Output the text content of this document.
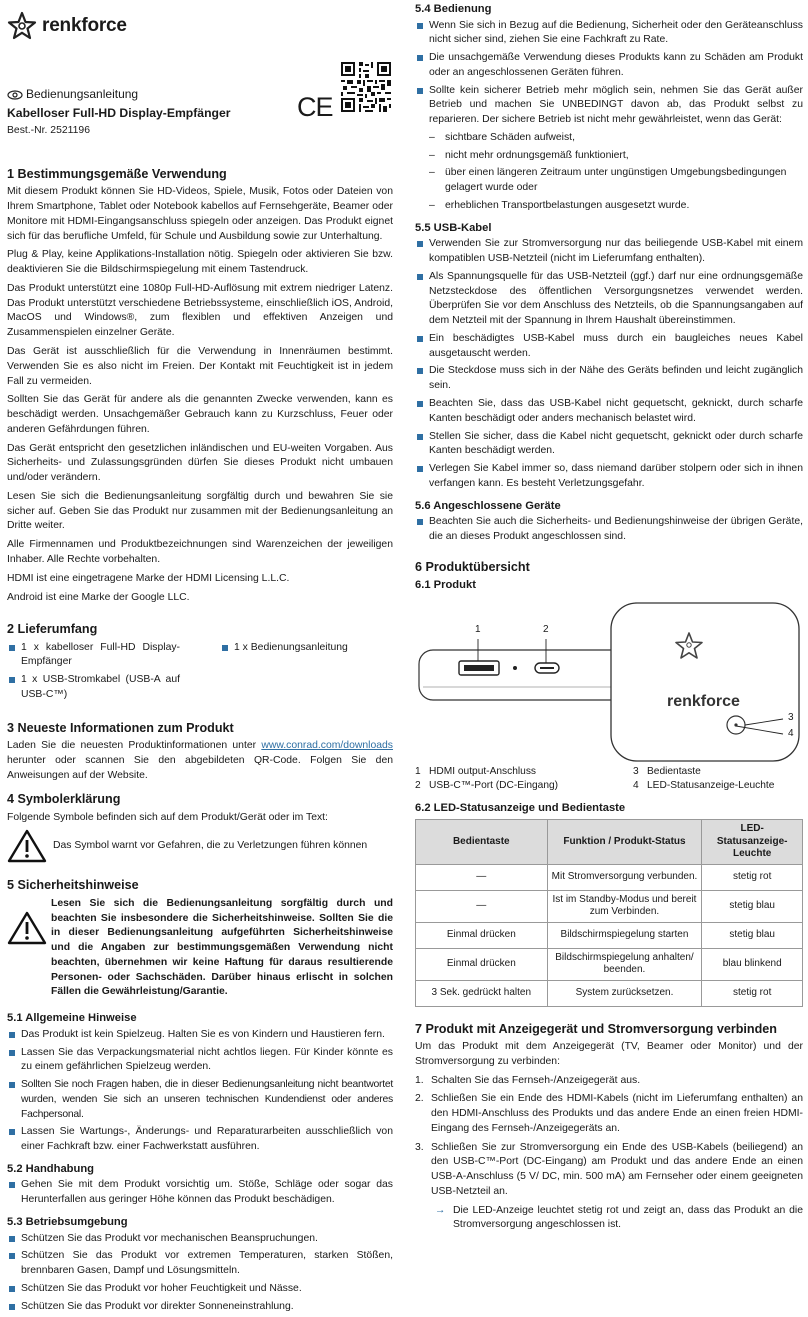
renkforce
Bedienungsanleitung
Kabelloser Full-HD Display-Empfänger
Best.-Nr. 2521196
CE
1 Bestimmungsgemäße Verwendung

Mit diesem Produkt können Sie HD-Videos, Spiele, Musik, Fotos oder Dateien von Ihrem Smartphone, Tablet oder Notebook kabellos auf Fernsehgeräte, Beamer oder Monitore mit HDMI-Eingangsanschluss spiegeln oder anzeigen. Das Produkt eignet sich für das berufliche Umfeld, für Schule und Ausbildung sowie zur Unterhaltung.

Plug & Play, keine Applikations-Installation nötig. Spiegeln oder aktivieren Sie bzw. deaktivieren Sie die Bildschirmspiegelung mit einem Tastendruck.

Das Produkt unterstützt eine 1080p Full-HD-Auflösung mit extrem niedriger Latenz. Das Produkt unterstützt verschiedene Betriebssysteme, einschließlich iOS, Android, MacOS und Windows®, zum flexiblen und effektiven Anzeigen und Zusammenspielen einzelner Geräte.

Das Gerät ist ausschließlich für die Verwendung in Innenräumen bestimmt. Verwenden Sie es also nicht im Freien. Der Kontakt mit Feuchtigkeit ist in jedem Fall zu vermeiden.

Sollten Sie das Gerät für andere als die genannten Zwecke verwenden, kann es beschädigt werden. Unsachgemäßer Gebrauch kann zu Kurzschluss, Feuer oder anderen Gefährdungen führen.

Das Gerät entspricht den gesetzlichen inländischen und EU-weiten Vorgaben. Aus Sicherheits- und Zulassungsgründen dürfen Sie dieses Produkt nicht umbauen und/oder verändern.

Lesen Sie sich die Bedienungsanleitung sorgfältig durch und bewahren Sie sie sicher auf. Geben Sie das Produkt nur zusammen mit der Bedienungsanleitung an Dritte weiter.

Alle Firmennamen und Produktbezeichnungen sind Warenzeichen der jeweiligen Inhaber. Alle Rechte vorbehalten.

HDMI ist eine eingetragene Marke der HDMI Licensing L.L.C.

Android ist eine Marke der Google LLC.

2 Lieferumfang
1 x kabelloser Full-HD Display-Empfänger
1 x USB-Stromkabel (USB-A auf USB-C™)
1 x Bedienungsanleitung
3 Neueste Informationen zum Produkt

Laden Sie die neuesten Produktinformationen unter www.conrad.com/downloads herunter oder scannen Sie den abgebildeten QR-Code. Folgen Sie den Anweisungen auf der Website.

4 Symbolerklärung

Folgende Symbole befinden sich auf dem Produkt/Gerät oder im Text:

Das Symbol warnt vor Gefahren, die zu Verletzungen führen können
5 Sicherheitshinweise

Lesen Sie sich die Bedienungsanleitung sorgfältig durch und beachten Sie insbesondere die Sicherheitshinweise. Sollten Sie die in dieser Bedienungsanleitung aufgeführten Sicherheitshinweise und die Angaben zur bestimmungsgemäßen Verwendung nicht beachten, übernehmen wir keine Haftung für daraus resultierende Personen- oder Sachschäden. Darüber hinaus erlischt in solchen Fällen die Gewährleistung/Garantie.

5.1 Allgemeine Hinweise
Das Produkt ist kein Spielzeug. Halten Sie es von Kindern und Haustieren fern.
Lassen Sie das Verpackungsmaterial nicht achtlos liegen. Für Kinder könnte es zu einem gefährlichen Spielzeug werden.
Sollten Sie noch Fragen haben, die in dieser Bedienungsanleitung nicht beantwortet wurden, wenden Sie sich an unseren technischen Kundendienst oder anderes Fachpersonal.
Lassen Sie Wartungs-, Änderungs- und Reparaturarbeiten ausschließlich von einer Fachkraft bzw. einer Fachwerkstatt ausführen.
5.2 Handhabung
Gehen Sie mit dem Produkt vorsichtig um. Stöße, Schläge oder sogar das Herunterfallen aus geringer Höhe können das Produkt beschädigen.
5.3 Betriebsumgebung
Schützen Sie das Produkt vor mechanischen Beanspruchungen.
Schützen Sie das Produkt vor extremen Temperaturen, starken Stößen, brennbaren Gasen, Dampf und Lösungsmitteln.
Schützen Sie das Produkt vor hoher Feuchtigkeit und Nässe.
Schützen Sie das Produkt vor direkter Sonneneinstrahlung.
5.4 Bedienung
Wenn Sie sich in Bezug auf die Bedienung, Sicherheit oder den Geräteanschluss nicht sicher sind, ziehen Sie eine Fachkraft zu Rate.
Die unsachgemäße Verwendung dieses Produkts kann zu Schäden am Produkt oder an angeschlossenen Geräten führen.
Sollte kein sicherer Betrieb mehr möglich sein, nehmen Sie das Gerät außer Betrieb und machen Sie UNBEDINGT davon ab, das Produkt selbst zu reparieren. Der sichere Betrieb ist nicht mehr gewährleistet, wenn das Gerät:
– sichtbare Schäden aufweist,
– nicht mehr ordnungsgemäß funktioniert,
– über einen längeren Zeitraum unter ungünstigen Umgebungsbedingungen gelagert wurde oder
– erheblichen Transportbelastungen ausgesetzt wurde.
5.5 USB-Kabel
Verwenden Sie zur Stromversorgung nur das beiliegende USB-Kabel mit einem kompatiblen USB-Netzteil (nicht im Lieferumfang enthalten).
Als Spannungsquelle für das USB-Netzteil (ggf.) darf nur eine ordnungsgemäße Netzsteckdose des öffentlichen Versorgungsnetzes verwendet werden. Überprüfen Sie vor dem Anschluss des Netzteils, ob die Spannungsangaben auf dem Netzteil mit der Spannung in Ihrem Haushalt übereinstimmen.
Ein beschädigtes USB-Kabel muss durch ein baugleiches neues Kabel ausgetauscht werden.
Die Steckdose muss sich in der Nähe des Geräts befinden und leicht zugänglich sein.
Beachten Sie, dass das USB-Kabel nicht gequetscht, geknickt, durch scharfe Kanten beschädigt oder anders mechanisch belastet wird.
Stellen Sie sicher, dass die Kabel nicht gequetscht, geknickt oder durch scharfe Kanten beschädigt werden.
Verlegen Sie Kabel immer so, dass niemand darüber stolpern oder sich in ihnen verfangen kann. Es besteht Verletzungsgefahr.
5.6 Angeschlossene Geräte
Beachten Sie auch die Sicherheits- und Bedienungshinweise der übrigen Geräte, die an dieses Produkt angeschlossen sind.
6 Produktübersicht
6.1 Produkt
1	2
3
4
renkforce
1 HDMI output-Anschluss
2 USB-C™-Port (DC-Eingang)
3 Bedientaste
4 LED-Statusanzeige-Leuchte
6.2 LED-Statusanzeige und Bedientaste
Bedientaste	Funktion / Produkt-Status	LED-Statusanzeige-Leuchte
—	Mit Stromversorgung verbunden.	stetig rot
—	Ist im Standby-Modus und bereit zum Verbinden.	stetig blau
Einmal drücken	Bildschirmspiegelung starten	stetig blau
Einmal drücken	Bildschirmspiegelung anhalten/ beenden.	blau blinkend
3 Sek. gedrückt halten	System zurücksetzen.	stetig rot
7 Produkt mit Anzeigegerät und Stromversorgung verbinden

Um das Produkt mit dem Anzeigegerät (TV, Beamer oder Monitor) und der Stromversorgung zu verbinden:

1. Schalten Sie das Fernseh-/Anzeigegerät aus.
2. Schließen Sie ein Ende des HDMI-Kabels (nicht im Lieferumfang enthalten) an den HDMI-Anschluss des Produkts und das andere Ende an einen freien HDMI-Eingang des Fernseh-/Anzeigegeräts an.
3. Schließen Sie zur Stromversorgung ein Ende des USB-Kabels (beiliegend) an den USB-C™-Port (DC-Eingang) am Produkt und das andere Ende an einen USB-A-Anschluss (5 V/ DC, min. 500 mA) am Fernseher oder einem geeigneten USB-Netzteil an.
→ Die LED-Anzeige leuchtet stetig rot und zeigt an, dass das Produkt an die Stromversorgung angeschlossen ist.
